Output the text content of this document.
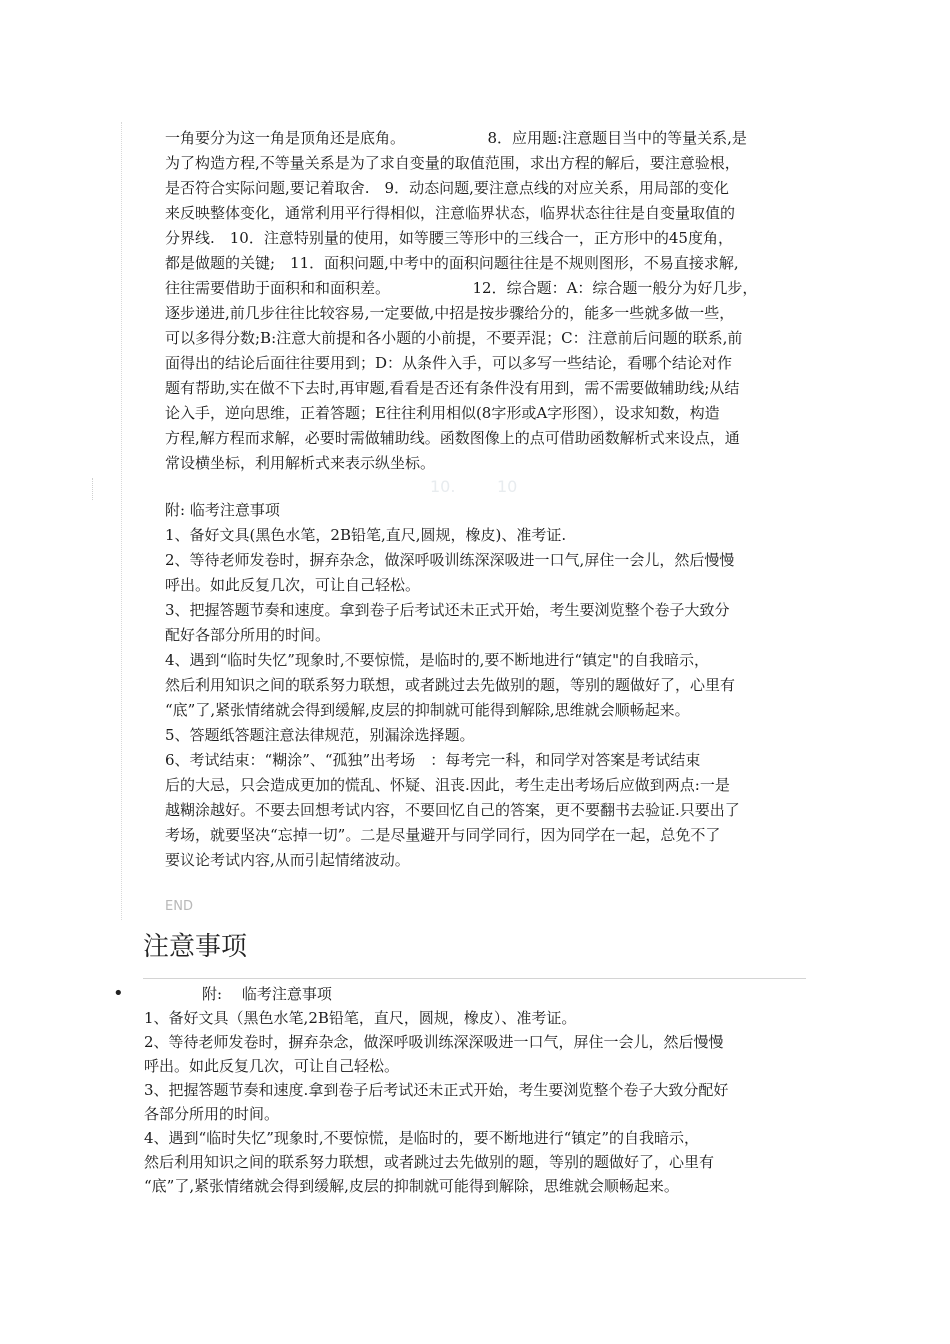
一角要分为这一角是顶角还是底角。　　　　　　8．应用题:注意题目当中的等量关系,是

为了构造方程,不等量关系是为了求自变量的取值范围，求出方程的解后，要注意验根，

是否符合实际问题,要记着取舍.　9．动态问题,要注意点线的对应关系，用局部的变化

来反映整体变化，通常利用平行得相似，注意临界状态，临界状态往往是自变量取值的

分界线.　10．注意特别量的使用，如等腰三等形中的三线合一，正方形中的45度角，

都是做题的关键;　11．面积问题,中考中的面积问题往往是不规则图形，不易直接求解,

往往需要借助于面积和和面积差。　　　　　　12．综合题：A：综合题一般分为好几步，

逐步递进,前几步往往比较容易,一定要做,中招是按步骤给分的，能多一些就多做一些，

可以多得分数;B:注意大前提和各小题的小前提，不要弄混；C：注意前后问题的联系,前

面得出的结论后面往往要用到；D：从条件入手，可以多写一些结论，看哪个结论对作

题有帮助,实在做不下去时,再审题,看看是否还有条件没有用到，需不需要做辅助线;从结

论入手，逆向思维，正着答题；E往往利用相似(8字形或A字形图），设求知数，构造

方程,解方程而求解，必要时需做辅助线。函数图像上的点可借助函数解析式来设点，通

常设横坐标，利用解析式来表示纵坐标。

10.	10

附: 临考注意事项

1、备好文具(黑色水笔，2B铅笔,直尺,圆规，橡皮)、准考证.

2、等待老师发卷时，摒弃杂念，做深呼吸训练深深吸进一口气,屏住一会儿，然后慢慢

呼出。如此反复几次，可让自己轻松。

3、把握答题节奏和速度。拿到卷子后考试还未正式开始，考生要浏览整个卷子大致分

配好各部分所用的时间。

4、遇到“临时失忆”现象时,不要惊慌，是临时的,要不断地进行“镇定"的自我暗示，

然后利用知识之间的联系努力联想，或者跳过去先做别的题，等别的题做好了，心里有

“底”了,紧张情绪就会得到缓解,皮层的抑制就可能得到解除,思维就会顺畅起来。

5、答题纸答题注意法律规范，别漏涂选择题。

6、考试结束：“糊涂”、“孤独”出考场　：每考完一科，和同学对答案是考试结束

后的大忌，只会造成更加的慌乱、怀疑、沮丧.因此，考生走出考场后应做到两点:一是

越糊涂越好。不要去回想考试内容，不要回忆自己的答案，更不要翻书去验证.只要出了

考场，就要坚决“忘掉一切”。二是尽量避开与同学同行，因为同学在一起，总免不了

要议论考试内容,从而引起情绪波动。

END
注意事项
•	附:　 临考注意事项

1、备好文具（黑色水笔,2B铅笔，直尺，圆规，橡皮）、准考证。

2、等待老师发卷时，摒弃杂念，做深呼吸训练深深吸进一口气，屏住一会儿，然后慢慢

呼出。如此反复几次，可让自己轻松。

3、把握答题节奏和速度.拿到卷子后考试还未正式开始，考生要浏览整个卷子大致分配好

各部分所用的时间。

4、遇到“临时失忆”现象时,不要惊慌，是临时的，要不断地进行“镇定”的自我暗示，

然后利用知识之间的联系努力联想，或者跳过去先做别的题，等别的题做好了，心里有

“底”了,紧张情绪就会得到缓解,皮层的抑制就可能得到解除，思维就会顺畅起来。
